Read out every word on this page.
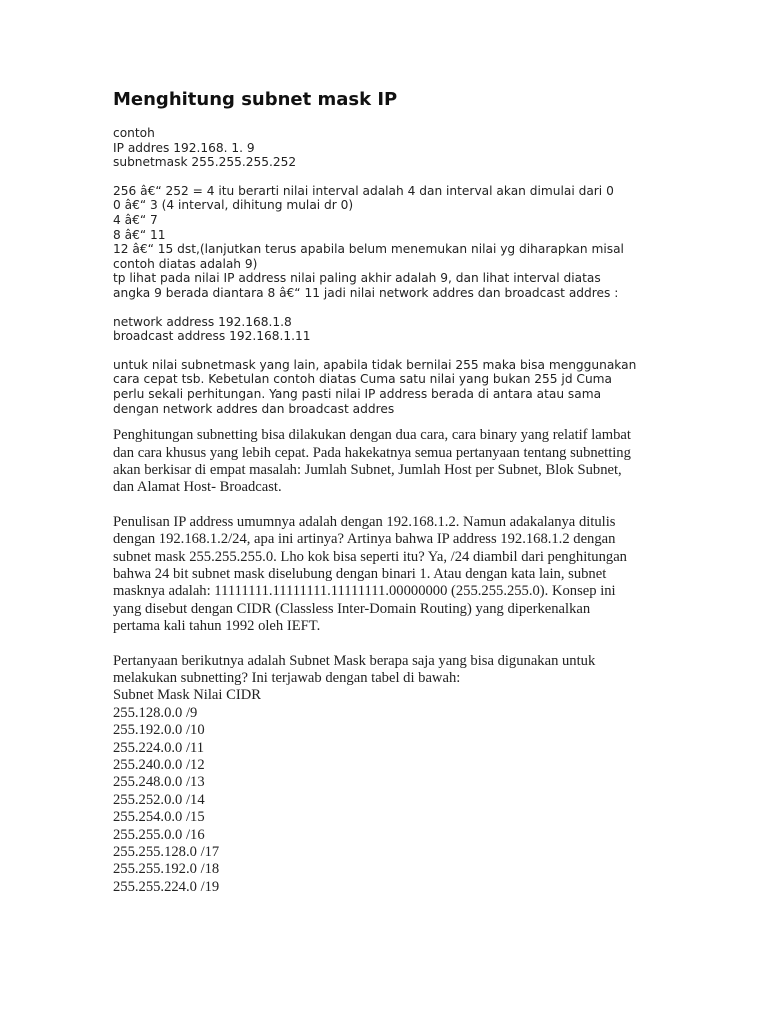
Menghitung subnet mask IP
contoh
IP addres 192.168. 1. 9
subnetmask 255.255.255.252
256 â€“ 252 = 4 itu berarti nilai interval adalah 4 dan interval akan dimulai dari 0
0 â€“ 3 (4 interval, dihitung mulai dr 0)
4 â€“ 7
8 â€“ 11
12 â€“ 15 dst,(lanjutkan terus apabila belum menemukan nilai yg diharapkan misal
contoh diatas adalah 9)
tp lihat pada nilai IP address nilai paling akhir adalah 9, dan lihat interval diatas
angka 9 berada diantara 8 â€“ 11 jadi nilai network addres dan broadcast addres :
network address 192.168.1.8
broadcast address 192.168.1.11
untuk nilai subnetmask yang lain, apabila tidak bernilai 255 maka bisa menggunakan
cara cepat tsb. Kebetulan contoh diatas Cuma satu nilai yang bukan 255 jd Cuma
perlu sekali perhitungan. Yang pasti nilai IP address berada di antara atau sama
dengan network addres dan broadcast addres
Penghitungan subnetting bisa dilakukan dengan dua cara, cara binary yang relatif lambat
dan cara khusus yang lebih cepat. Pada hakekatnya semua pertanyaan tentang subnetting
akan berkisar di empat masalah: Jumlah Subnet, Jumlah Host per Subnet, Blok Subnet,
dan Alamat Host- Broadcast.
Penulisan IP address umumnya adalah dengan 192.168.1.2. Namun adakalanya ditulis
dengan 192.168.1.2/24, apa ini artinya? Artinya bahwa IP address 192.168.1.2 dengan
subnet mask 255.255.255.0. Lho kok bisa seperti itu? Ya, /24 diambil dari penghitungan
bahwa 24 bit subnet mask diselubung dengan binari 1. Atau dengan kata lain, subnet
masknya adalah: 11111111.11111111.11111111.00000000 (255.255.255.0). Konsep ini
yang disebut dengan CIDR (Classless Inter-Domain Routing) yang diperkenalkan
pertama kali tahun 1992 oleh IEFT.
Pertanyaan berikutnya adalah Subnet Mask berapa saja yang bisa digunakan untuk
melakukan subnetting? Ini terjawab dengan tabel di bawah:
Subnet Mask Nilai CIDR
255.128.0.0 /9
255.192.0.0 /10
255.224.0.0 /11
255.240.0.0 /12
255.248.0.0 /13
255.252.0.0 /14
255.254.0.0 /15
255.255.0.0 /16
255.255.128.0 /17
255.255.192.0 /18
255.255.224.0 /19
